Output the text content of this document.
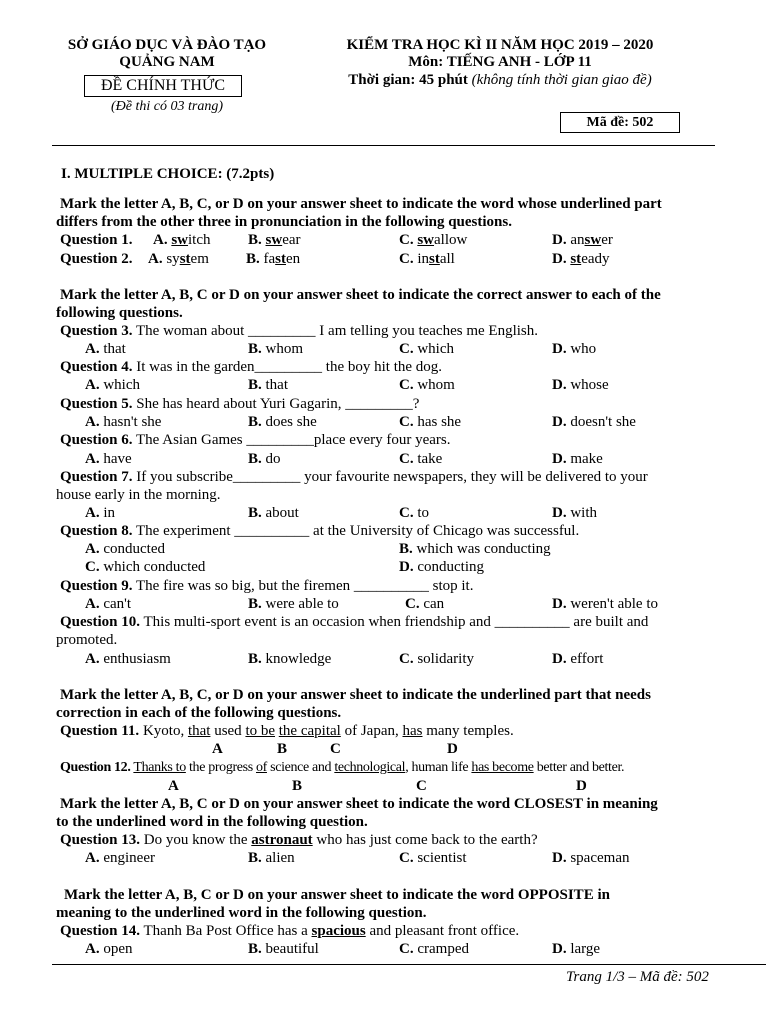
SỞ GIÁO DỤC VÀ ĐÀO TẠO
QUẢNG NAM
ĐỀ CHÍNH THỨC
(Đề thi có 03 trang)
KIỂM TRA HỌC KÌ II NĂM HỌC 2019 – 2020
Môn: TIẾNG ANH - LỚP 11
Thời gian: 45 phút (không tính thời gian giao đề)
Mã đề: 502
I. MULTIPLE CHOICE: (7.2pts)
Mark the letter A, B, C, or D on your answer sheet to indicate the word whose underlined part
differs from the other three in pronunciation in the following questions.
Question 1. A. switch B. swear	C. swallow	D. answer
Question 2. A. system B. fasten	C. install	D. steady
Mark the letter A, B, C or D on your answer sheet to indicate the correct answer to each of the
following questions.
Question 3. The woman about _________ I am telling you teaches me English.
A. that	B. whom	C. which	D. who
Question 4. It was in the garden_________ the boy hit the dog.
A. which	B. that	C. whom	D. whose
Question 5. She has heard about Yuri Gagarin, _________?
A. hasn't she	B. does she	C. has she	D. doesn't she
Question 6. The Asian Games _________place every four years.
A. have	B. do	C. take	D. make
Question 7. If you subscribe_________ your favourite newspapers, they will be delivered to your
house early in the morning.
A. in	B. about	C. to	D. with
Question 8. The experiment __________ at the University of Chicago was successful.
A. conducted	B. which was conducting
C. which conducted	D. conducting
Question 9. The fire was so big, but the firemen __________ stop it.
A. can't	B. were able to	C. can	D. weren't able to
Question 10. This multi-sport event is an occasion when friendship and __________ are built and
promoted.
A. enthusiasm	B. knowledge	C. solidarity	D. effort
Mark the letter A, B, C, or D on your answer sheet to indicate the underlined part that needs
correction in each of the following questions.
Question 11. Kyoto, that used to be the capital of Japan, has many temples.
A	B	C	D
Question 12. Thanks to the progress of science and technological, human life has become better and better.
A	B	C	D
Mark the letter A, B, C or D on your answer sheet to indicate the word CLOSEST in meaning
to the underlined word in the following question.
Question 13. Do you know the astronaut who has just come back to the earth?
A. engineer	B. alien	C. scientist	D. spaceman
Mark the letter A, B, C or D on your answer sheet to indicate the word OPPOSITE in
meaning to the underlined word in the following question.
Question 14. Thanh Ba Post Office has a spacious and pleasant front office.
A. open	B. beautiful	C. cramped	D. large
Trang 1/3 – Mã đề: 502
